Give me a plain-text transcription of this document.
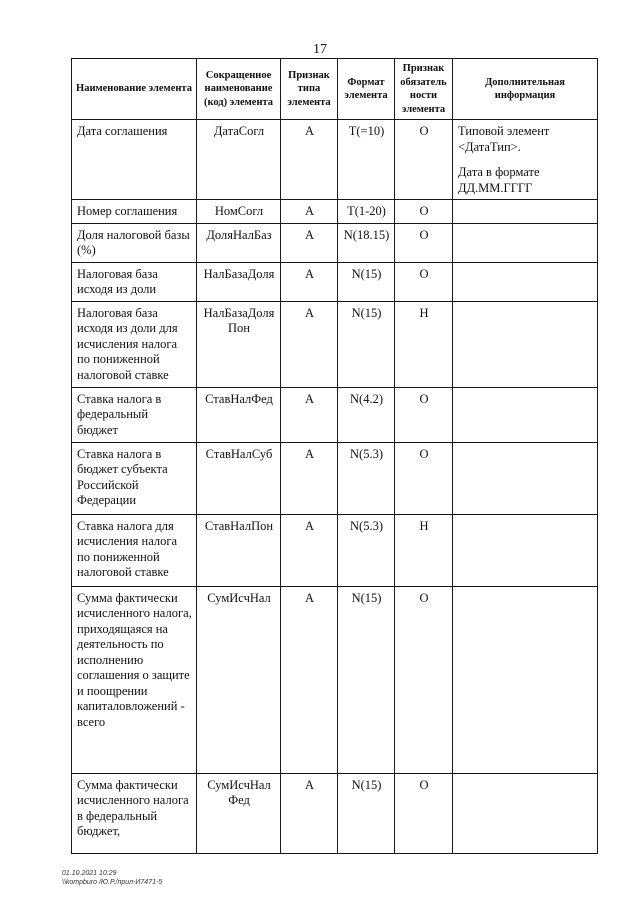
17
Наименование элемента	Сокращенное наименование (код) элемента	Признак типа элемента	Формат элемента	Признак обязатель ности элемента	Дополнительная информация
Дата соглашения	ДатаСогл	А	Т(=10)	О	Типовой элемент <ДатаТип>.
Дата в формате ДД.ММ.ГГГГ

Номер соглашения	НомСогл	А	Т(1-20)	О	
Доля налоговой базы (%)	ДоляНалБаз	А	N(18.15)	О	
Налоговая база исходя из доли	НалБазаДоля	А	N(15)	О	
Налоговая база исходя из доли для исчисления налога по пониженной налоговой ставке	НалБазаДоля Пон	А	N(15)	Н	
Ставка налога в федеральный бюджет	СтавНалФед	А	N(4.2)	О	
Ставка налога в бюджет субъекта Российской Федерации	СтавНалСуб	А	N(5.3)	О	
Ставка налога для исчисления налога по пониженной налоговой ставке	СтавНалПон	А	N(5.3)	Н	
Сумма фактически исчисленного налога, приходящаяся на деятельность по исполнению соглашения о защите и поощрении капиталовложений - всего	СумИсчНал	А	N(15)	О	
Сумма фактически исчисленного налога в федеральный бюджет,	СумИсчНал Фед	А	N(15)	О	
01.10.2021 10:29
\\kompburo /Ю.Р./прил-И7471-5
